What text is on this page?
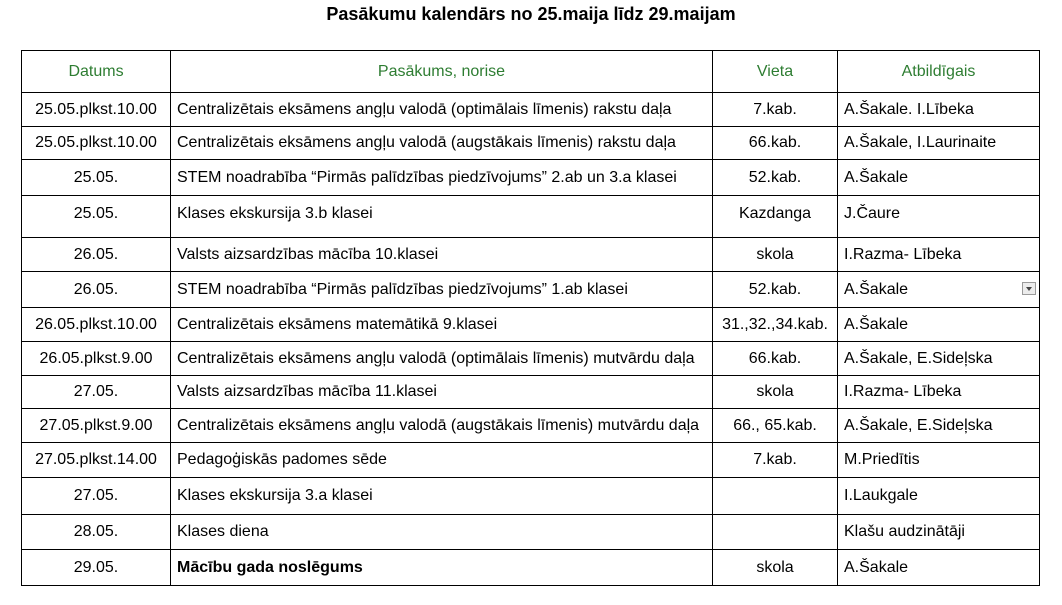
Pasākumu kalendārs no 25.maija līdz 29.maijam
Datums	Pasākums, norise	Vieta	Atbildīgais
25.05.plkst.10.00	Centralizētais eksāmens angļu valodā (optimālais līmenis) rakstu daļa	7.kab.	A.Šakale. I.Lībeka
25.05.plkst.10.00	Centralizētais eksāmens angļu valodā (augstākais līmenis) rakstu daļa	66.kab.	A.Šakale, I.Laurinaite
25.05.	STEM noadrabība “Pirmās palīdzības piedzīvojums” 2.ab un 3.a klasei	52.kab.	A.Šakale
25.05.	Klases ekskursija 3.b klasei	Kazdanga	J.Čaure
26.05.	Valsts aizsardzības mācība 10.klasei	skola	I.Razma- Lībeka
26.05.	STEM noadrabība “Pirmās palīdzības piedzīvojums” 1.ab klasei	52.kab.	A.Šakale

26.05.plkst.10.00	Centralizētais eksāmens matemātikā 9.klasei	31.,32.,34.kab.	A.Šakale
26.05.plkst.9.00	Centralizētais eksāmens angļu valodā (optimālais līmenis) mutvārdu daļa	66.kab.	A.Šakale, E.Sideļska
27.05.	Valsts aizsardzības mācība 11.klasei	skola	I.Razma- Lībeka
27.05.plkst.9.00	Centralizētais eksāmens angļu valodā (augstākais līmenis) mutvārdu daļa	66., 65.kab.	A.Šakale, E.Sideļska
27.05.plkst.14.00	Pedagoģiskās padomes sēde	7.kab.	M.Priedītis
27.05.	Klases ekskursija 3.a klasei		I.Laukgale
28.05.	Klases diena		Klašu audzinātāji
29.05.	Mācību gada noslēgums	skola	A.Šakale
